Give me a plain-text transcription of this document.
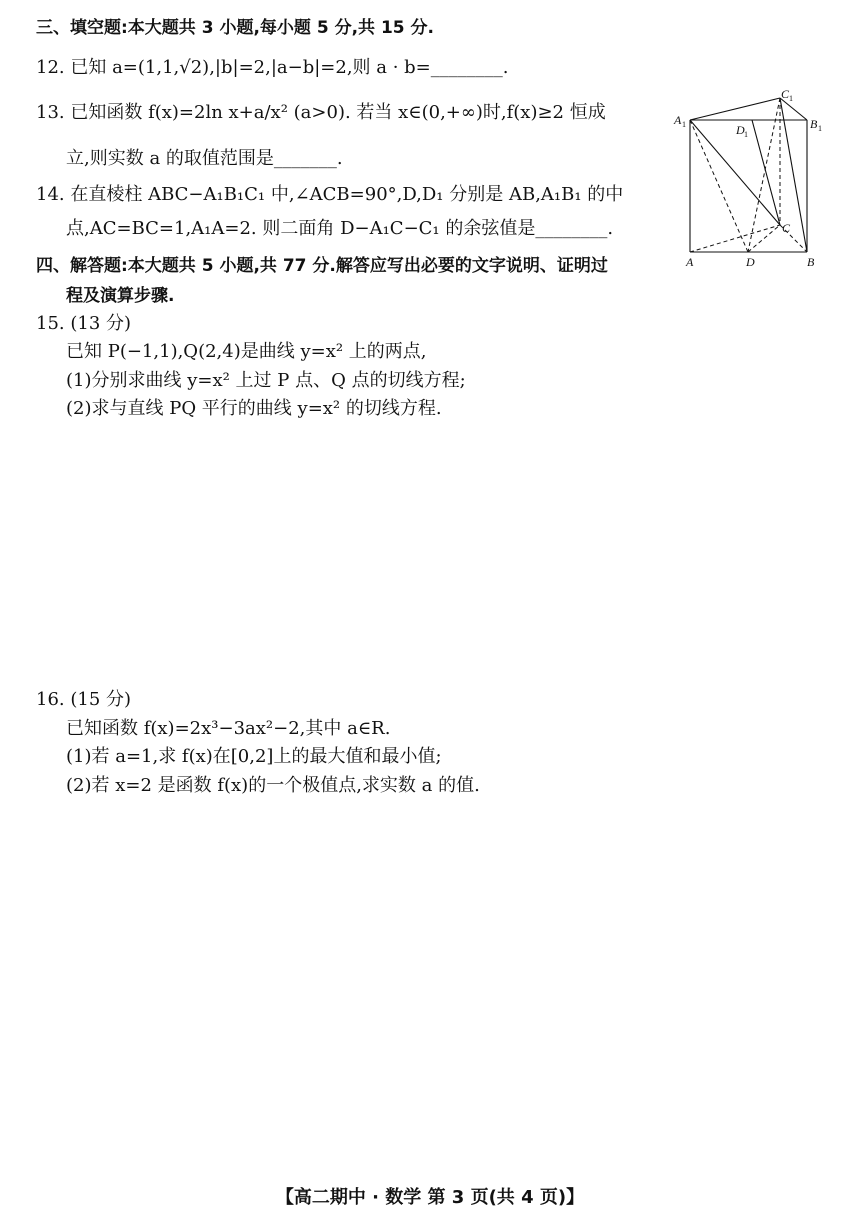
三、填空题:本大题共 3 小题,每小题 5 分,共 15 分.
12. 已知 a=(1,1,√2),|b|=2,|a−b|=2,则 a · b=________.
13. 已知函数 f(x)=2ln x+a/x² (a>0). 若当 x∈(0,+∞)时,f(x)≥2 恒成
立,则实数 a 的取值范围是_______.
14. 在直棱柱 ABC−A₁B₁C₁ 中,∠ACB=90°,D,D₁ 分别是 AB,A₁B₁ 的中
点,AC=BC=1,A₁A=2. 则二面角 D−A₁C−C₁ 的余弦值是________.
四、解答题:本大题共 5 小题,共 77 分.解答应写出必要的文字说明、证明过
程及演算步骤.
15. (13 分)
已知 P(−1,1),Q(2,4)是曲线 y=x² 上的两点,
(1)分别求曲线 y=x² 上过 P 点、Q 点的切线方程;
(2)求与直线 PQ 平行的曲线 y=x² 的切线方程.
16. (15 分)
已知函数 f(x)=2x³−3ax²−2,其中 a∈R.
(1)若 a=1,求 f(x)在[0,2]上的最大值和最小值;
(2)若 x=2 是函数 f(x)的一个极值点,求实数 a 的值.
A 1
C 1
B 1
D 1
C
A	D	B
【高二期中 · 数学 第 3 页(共 4 页)】
